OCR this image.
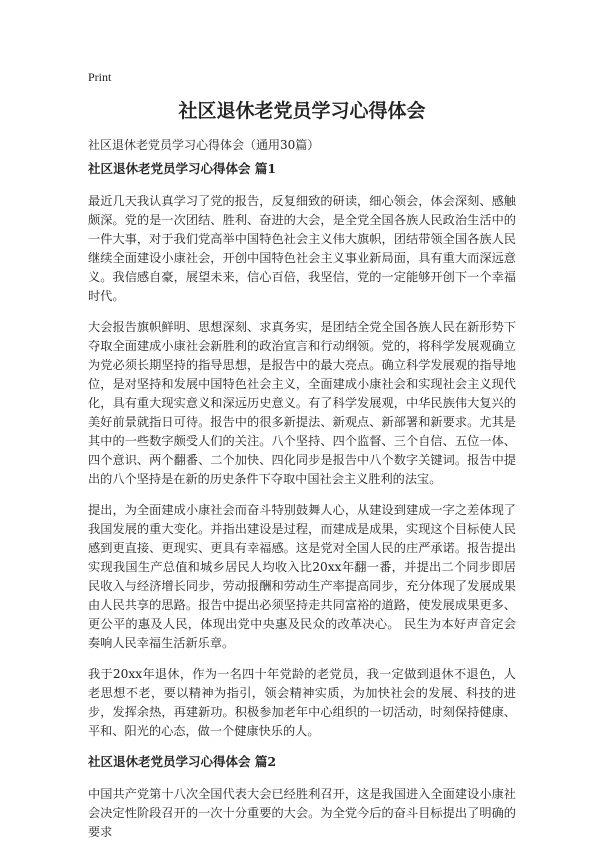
Print
社区退休老党员学习心得体会

社区退休老党员学习心得体会（通用30篇）

社区退休老党员学习心得体会 篇1

最近几天我认真学习了党的报告，反复细致的研读，细心领会，体会深刻、感触颇深。党的是一次团结、胜利、奋进的大会，是全党全国各族人民政治生活中的一件大事，对于我们党高举中国特色社会主义伟大旗帜，团结带领全国各族人民继续全面建设小康社会，开创中国特色社会主义事业新局面，具有重大而深远意义。我信感自豪，展望未来，信心百倍，我坚信，党的一定能够开创下一个幸福时代。

大会报告旗帜鲜明、思想深刻、求真务实，是团结全党全国各族人民在新形势下夺取全面建成小康社会新胜利的政治宣言和行动纲领。党的，将科学发展观确立为党必须长期坚持的指导思想，是报告中的最大亮点。确立科学发展观的指导地位，是对坚持和发展中国特色社会主义，全面建成小康社会和实现社会主义现代化，具有重大现实意义和深远历史意义。有了科学发展观，中华民族伟大复兴的美好前景就指日可待。报告中的很多新提法、新观点、新部署和新要求。尤其是其中的一些数字颇受人们的关注。八个坚持、四个监督、三个自信、五位一体、四个意识、两个翻番、二个加快、四化同步是报告中八个数字关键词。报告中提出的八个坚持是在新的历史条件下夺取中国社会主义胜利的法宝。

提出，为全面建成小康社会而奋斗特别鼓舞人心，从建设到建成一字之差体现了我国发展的重大变化。并指出建设是过程，而建成是成果，实现这个目标使人民感到更直接、更现实、更具有幸福感。这是党对全国人民的庄严承诺。报告提出实现我国生产总值和城乡居民人均收入比20xx年翻一番，并提出二个同步即居民收入与经济增长同步，劳动报酬和劳动生产率提高同步，充分体现了发展成果由人民共享的思路。报告中提出必须坚持走共同富裕的道路，使发展成果更多、更公平的惠及人民，体现出党中央惠及民众的改革决心。 民生为本好声音定会奏响人民幸福生活新乐章。

我于20xx年退休，作为一名四十年党龄的老党员，我一定做到退休不退色，人老思想不老，要以精神为指引，领会精神实质，为加快社会的发展、科技的进步，发挥余热，再建新功。积极参加老年中心组织的一切活动，时刻保持健康、平和、阳光的心态，做一个健康快乐的人。

社区退休老党员学习心得体会 篇2

中国共产党第十八次全国代表大会已经胜利召开，这是我国进入全面建设小康社会决定性阶段召开的一次十分重要的大会。为全党今后的奋斗目标提出了明确的要求
